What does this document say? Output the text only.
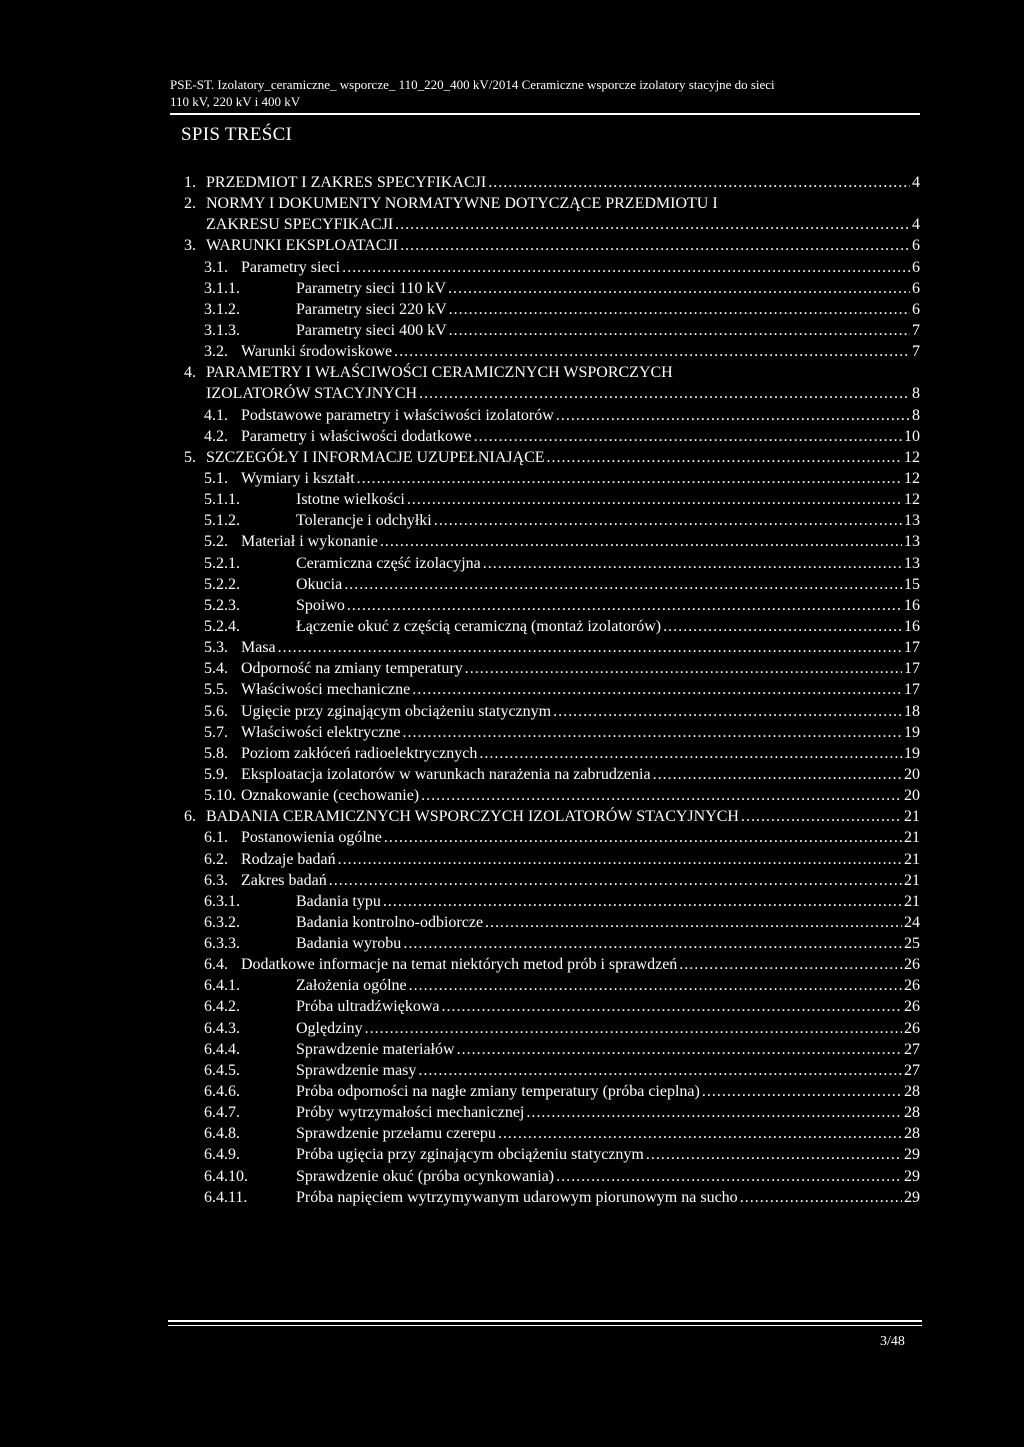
PSE-ST. Izolatory_ceramiczne_ wsporcze_ 110_220_400 kV/2014 Ceramiczne wsporcze izolatory stacyjne do sieci
110 kV, 220 kV i 400 kV
SPIS TREŚCI
1. PRZEDMIOT I ZAKRES SPECYFIKACJI .....	4
2. NORMY I DOKUMENTY NORMATYWNE DOTYCZĄCE PRZEDMIOTU I
ZAKRESU SPECYFIKACJI .....	4
3. WARUNKI EKSPLOATACJI .....	6
3.1. Parametry sieci .....	6
3.1.1.	Parametry sieci 110 kV .....	6
3.1.2.	Parametry sieci 220 kV .....	6
3.1.3.	Parametry sieci 400 kV .....	7
3.2. Warunki środowiskowe .....	7
4. PARAMETRY I WŁAŚCIWOŚCI CERAMICZNYCH WSPORCZYCH
IZOLATORÓW STACYJNYCH .....	8
4.1. Podstawowe parametry i właściwości izolatorów .....	8
4.2. Parametry i właściwości dodatkowe .....	10
5. SZCZEGÓŁY I INFORMACJE UZUPEŁNIAJĄCE .....	12
5.1. Wymiary i kształt .....	12
5.1.1.	Istotne wielkości .....	12
5.1.2.	Tolerancje i odchyłki .....	13
5.2. Materiał i wykonanie .....	13
5.2.1.	Ceramiczna część izolacyjna .....	13
5.2.2.	Okucia .....	15
5.2.3.	Spoiwo .....	16
5.2.4.	Łączenie okuć z częścią ceramiczną (montaż izolatorów) .....	16
5.3. Masa .....	17
5.4. Odporność na zmiany temperatury .....	17
5.5. Właściwości mechaniczne .....	17
5.6. Ugięcie przy zginającym obciążeniu statycznym .....	18
5.7. Właściwości elektryczne .....	19
5.8. Poziom zakłóceń radioelektrycznych .....	19
5.9. Eksploatacja izolatorów w warunkach narażenia na zabrudzenia .....	20
5.10. Oznakowanie (cechowanie) .....	20
6. BADANIA CERAMICZNYCH WSPORCZYCH IZOLATORÓW STACYJNYCH .....	21
6.1. Postanowienia ogólne .....	21
6.2. Rodzaje badań .....	21
6.3. Zakres badań .....	21
6.3.1.	Badania typu .....	21
6.3.2.	Badania kontrolno-odbiorcze .....	24
6.3.3.	Badania wyrobu .....	25
6.4. Dodatkowe informacje na temat niektórych metod prób i sprawdzeń .....	26
6.4.1.	Założenia ogólne .....	26
6.4.2.	Próba ultradźwiękowa .....	26
6.4.3.	Oględziny .....	26
6.4.4.	Sprawdzenie materiałów .....	27
6.4.5.	Sprawdzenie masy .....	27
6.4.6.	Próba odporności na nagłe zmiany temperatury (próba cieplna) .....	28
6.4.7.	Próby wytrzymałości mechanicznej .....	28
6.4.8.	Sprawdzenie przełamu czerepu .....	28
6.4.9.	Próba ugięcia przy zginającym obciążeniu statycznym .....	29
6.4.10.	Sprawdzenie okuć (próba ocynkowania) .....	29
6.4.11.	Próba napięciem wytrzymywanym udarowym piorunowym na sucho .....	29
3/48
